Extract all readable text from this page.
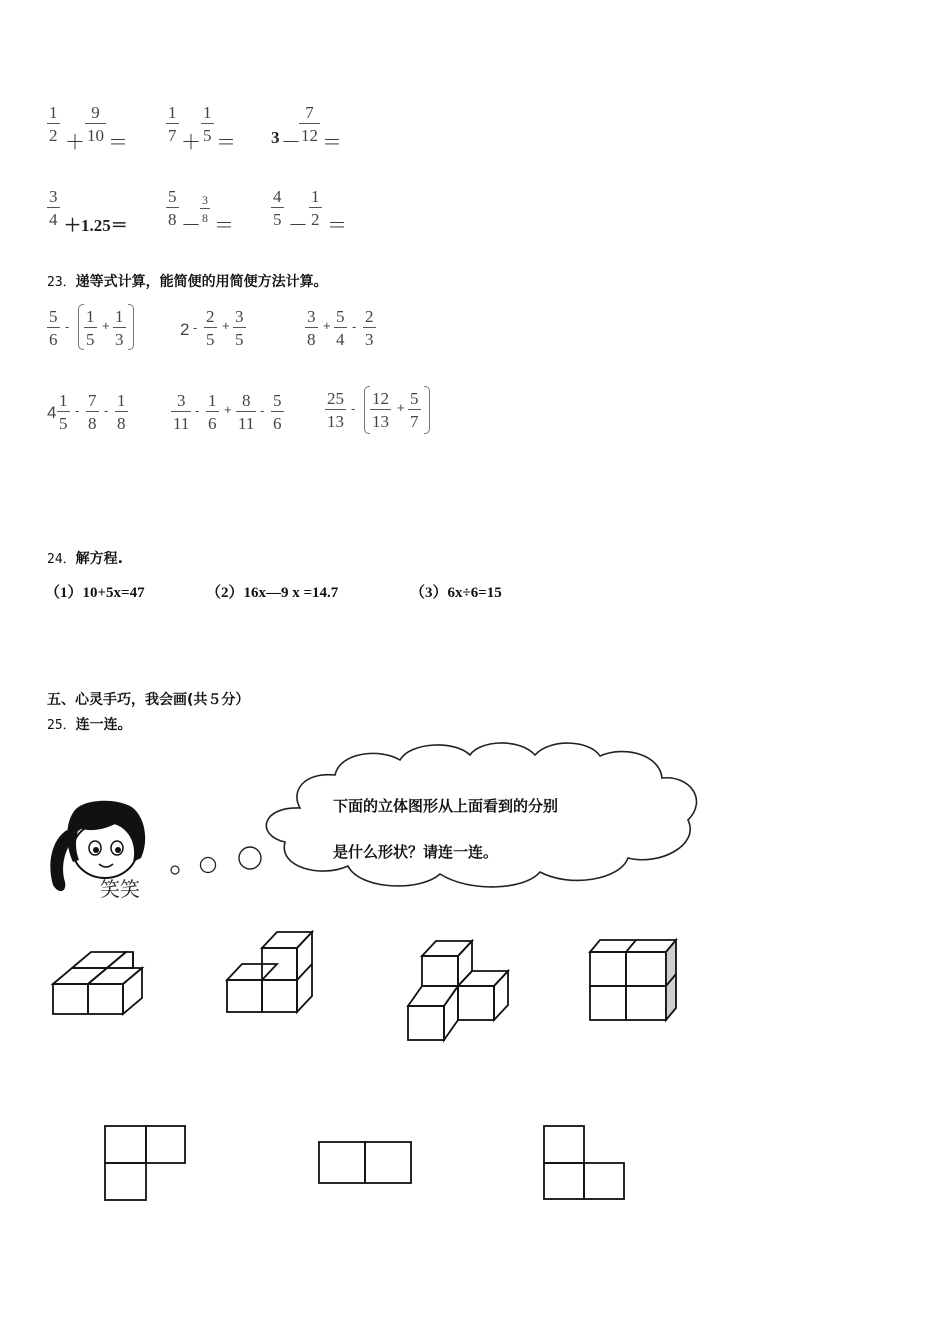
1
2 ＋
9
10 ＝
1
7 ＋
1
5 ＝ 3 －
7
12 ＝
3
4 ＋1.25＝
5
8 －
3
8 ＝
4
5 －
1
2 ＝
23．递等式计算，能简便的用简便方法计算。
5
6
-
1
5
+ 1
3
2 -
2
5
+ 3
5
3
8
+ 5
4
-
2
3
4
1
5
-
7
8
-
1
8
3
11
-
1
6
+ 8
11
-
5
6
25
13
-
12
13
+ 5
7
24．解方程.
（1）10+5x=47	（2）16x—9 x =14.7	（3）6x÷6=15
五、心灵手巧，我会画(共５分）
25．连一连。
下面的立体图形从上面看到的分别
是什么形状？请连一连。
笑笑
